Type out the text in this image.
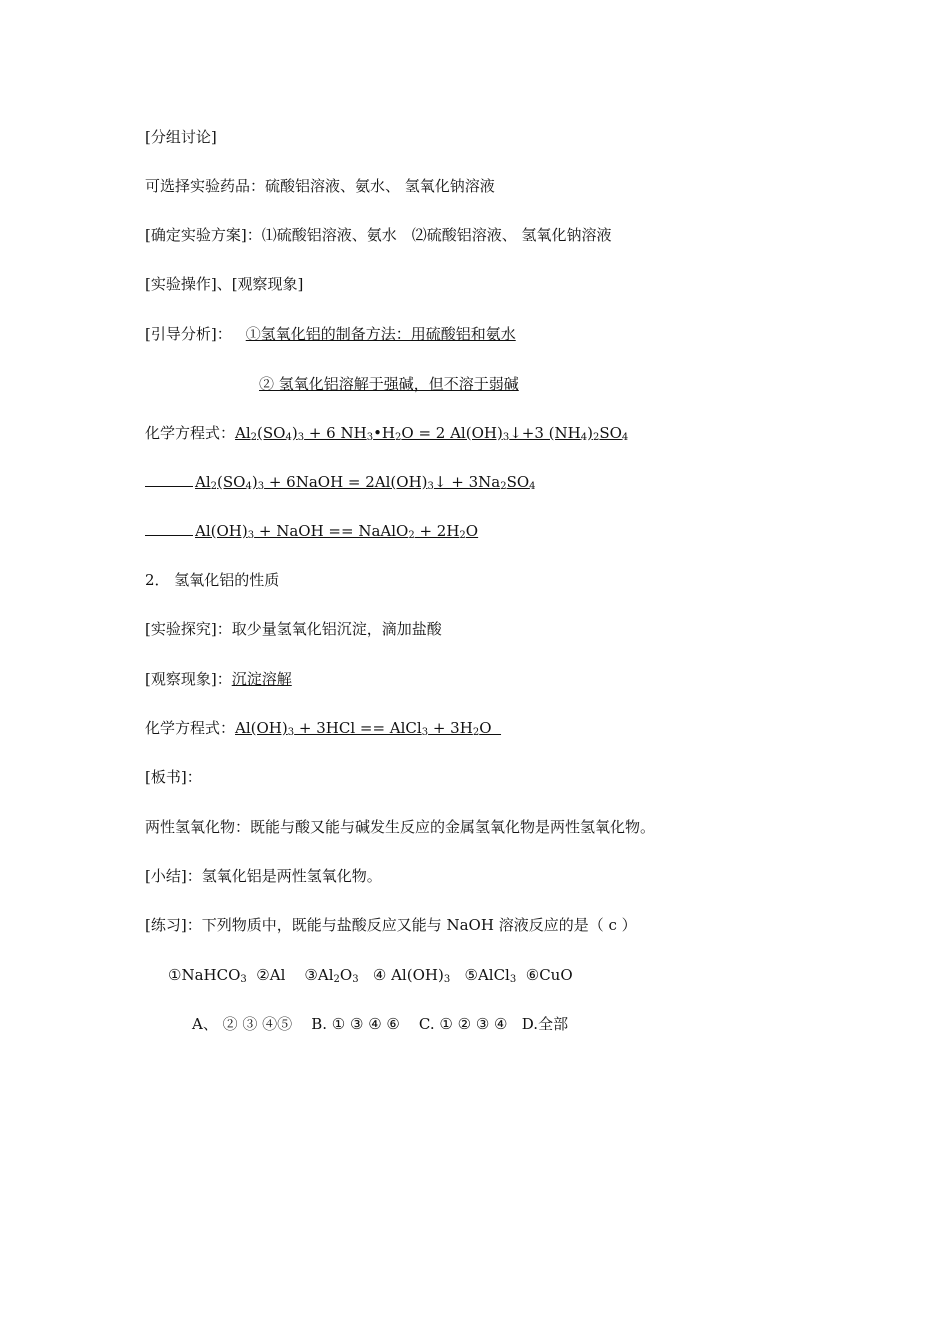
[分组讨论]
可选择实验药品：硫酸铝溶液、氨水、 氢氧化钠溶液
[确定实验方案]：⑴硫酸铝溶液、氨水　⑵硫酸铝溶液、 氢氧化钠溶液
[实验操作]、[观察现象]
[引导分析]： ①氢氧化铝的制备方法：用硫酸铝和氨水
② 氢氧化铝溶解于强碱，但不溶于弱碱
化学方程式：$Al_2(SO_4)_3 + 6$ $NH_3•H_2O = 2$ $Al(OH)_3↓+3$ $(NH_4)_2SO_4$
$Al_2(SO_4)_3$ + 6NaOH = $2Al(OH)_3↓ + 3Na_2SO_4$
$Al(OH)_3$ + NaOH == NaAlO$_2$ + $2H_2O$
2． 氢氧化铝的性质
[实验探究]：取少量氢氧化铝沉淀，滴加盐酸
[观察现象]：沉淀溶解
化学方程式：$Al(OH)_3 + 3HCl$ == AlCl$_3$ + $3H_2O$
[板书]：
两性氢氧化物：既能与酸又能与碱发生反应的金属氢氧化物是两性氢氧化物。
[小结]：氢氧化铝是两性氢氧化物。
[练习]：下列物质中，既能与盐酸反应又能与 NaOH 溶液反应的是（ c ）
①NaHCO$_3$  ②Al    $③Al_2O_3$   ④ $Al(OH)_3$   ⑤AlCl$_3$  ⑥CuO
A、 ② ③ ④⑤    B. ① ③ ④ ⑥    C. ① ② ③ ④   D.全部
